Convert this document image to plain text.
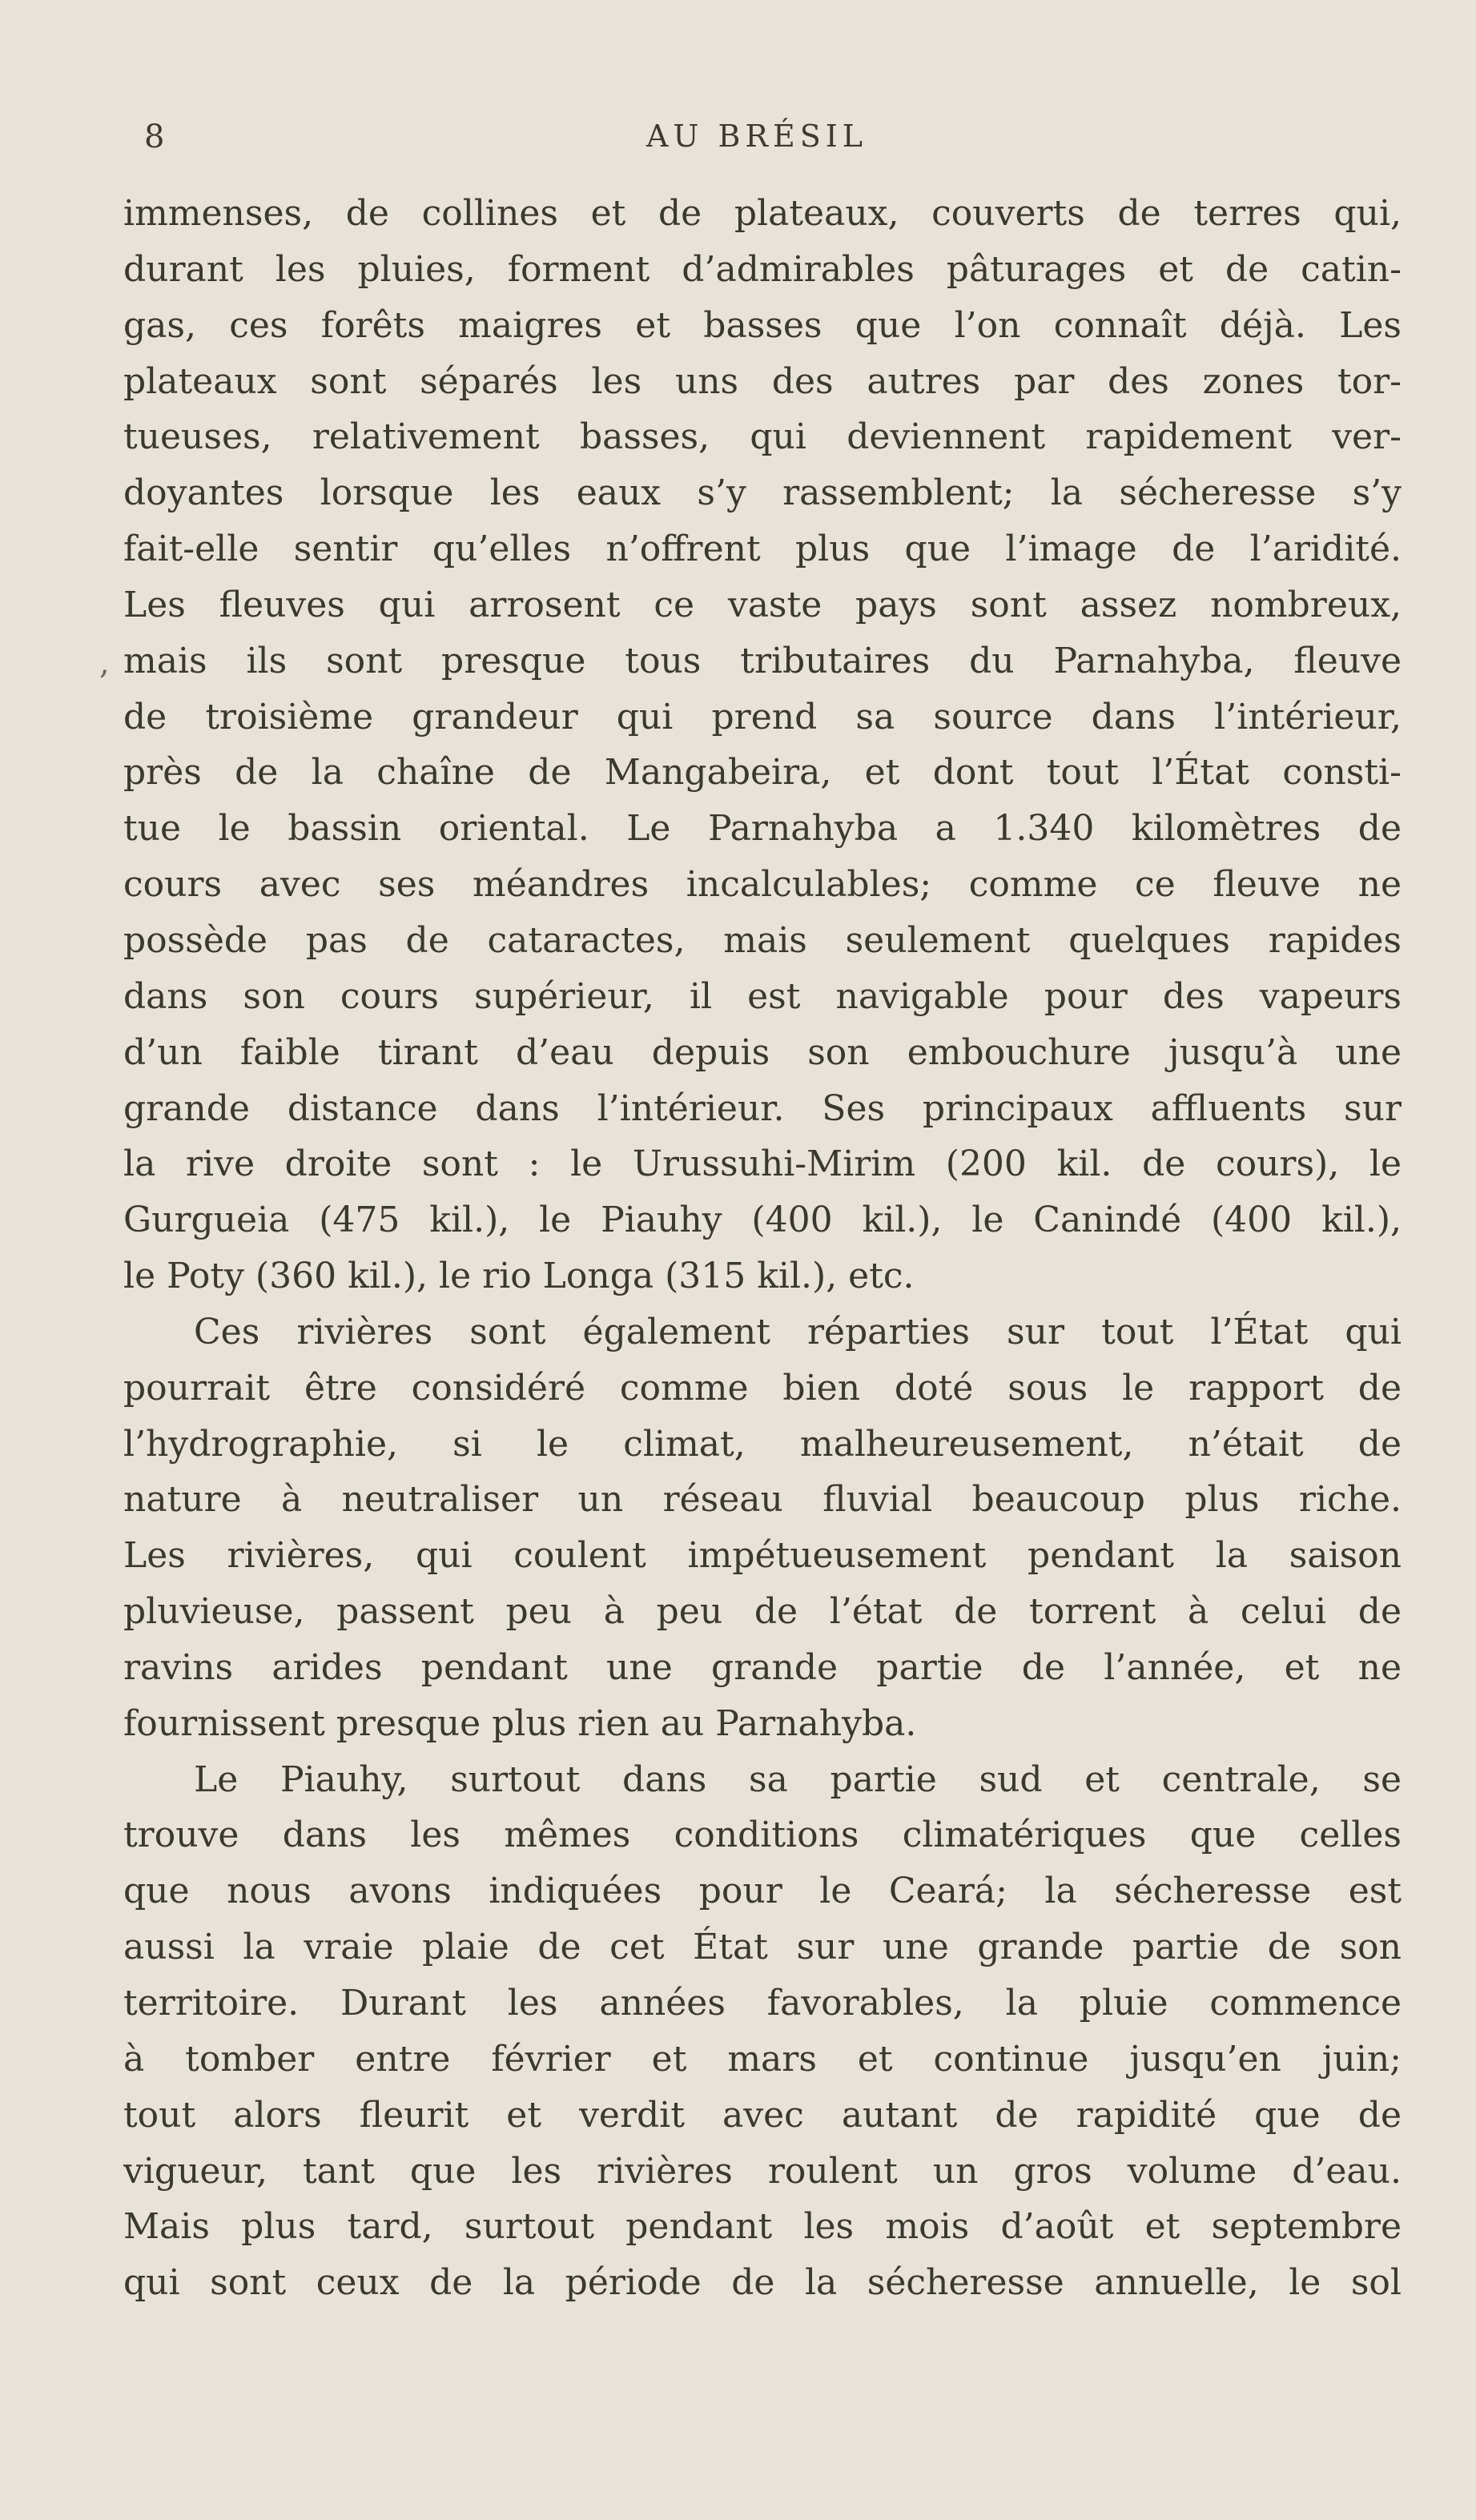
8	AU BRÉSIL
,
immenses, de collines et de plateaux, couverts de terres qui,
durant les pluies, forment d’admirables pâturages et de catin-
gas, ces forêts maigres et basses que l’on connaît déjà. Les
plateaux sont séparés les uns des autres par des zones tor-
tueuses, relativement basses, qui deviennent rapidement ver-
doyantes lorsque les eaux s’y rassemblent; la sécheresse s’y
fait-elle sentir qu’elles n’offrent plus que l’image de l’aridité.
Les fleuves qui arrosent ce vaste pays sont assez nombreux,
mais ils sont presque tous tributaires du Parnahyba, fleuve
de troisième grandeur qui prend sa source dans l’intérieur,
près de la chaîne de Mangabeira, et dont tout l’État consti-
tue le bassin oriental. Le Parnahyba a 1.340 kilomètres de
cours avec ses méandres incalculables; comme ce fleuve ne
possède pas de cataractes, mais seulement quelques rapides
dans son cours supérieur, il est navigable pour des vapeurs
d’un faible tirant d’eau depuis son embouchure jusqu’à une
grande distance dans l’intérieur. Ses principaux affluents sur
la rive droite sont : le Urussuhi-Mirim (200 kil. de cours), le
Gurgueia (475 kil.), le Piauhy (400 kil.), le Canindé (400 kil.),
le Poty (360 kil.), le rio Longa (315 kil.), etc.
Ces rivières sont également réparties sur tout l’État qui
pourrait être considéré comme bien doté sous le rapport de
l’hydrographie, si le climat, malheureusement, n’était de
nature à neutraliser un réseau fluvial beaucoup plus riche.
Les rivières, qui coulent impétueusement pendant la saison
pluvieuse, passent peu à peu de l’état de torrent à celui de
ravins arides pendant une grande partie de l’année, et ne
fournissent presque plus rien au Parnahyba.
Le Piauhy, surtout dans sa partie sud et centrale, se
trouve dans les mêmes conditions climatériques que celles
que nous avons indiquées pour le Ceará; la sécheresse est
aussi la vraie plaie de cet État sur une grande partie de son
territoire. Durant les années favorables, la pluie commence
à tomber entre février et mars et continue jusqu’en juin;
tout alors fleurit et verdit avec autant de rapidité que de
vigueur, tant que les rivières roulent un gros volume d’eau.
Mais plus tard, surtout pendant les mois d’août et septembre
qui sont ceux de la période de la sécheresse annuelle, le sol
